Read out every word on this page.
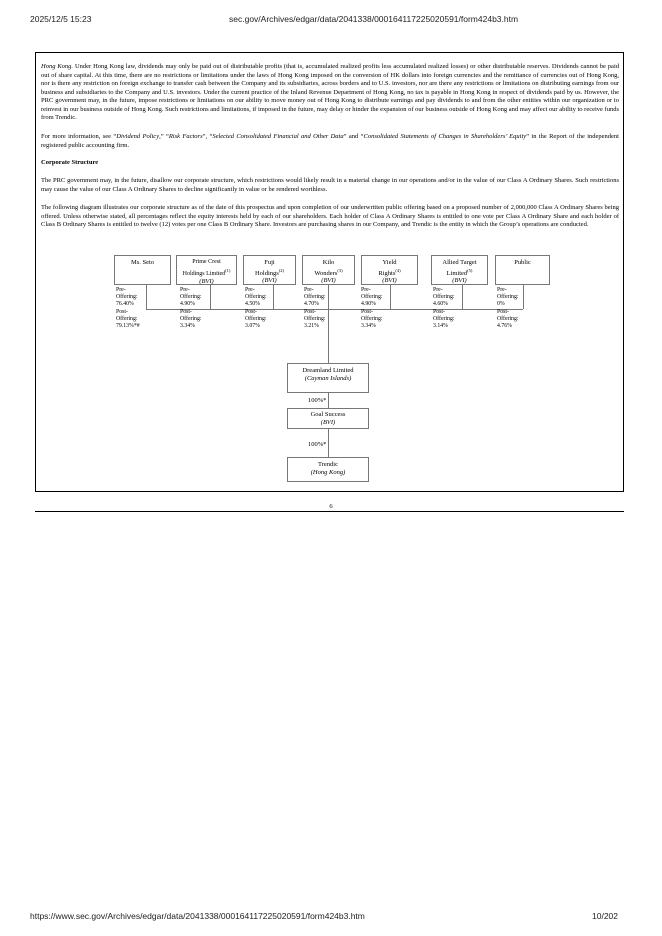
2025/12/5 15:23	sec.gov/Archives/edgar/data/2041338/000164117225020591/form424b3.htm

Hong Kong. Under Hong Kong law, dividends may only be paid out of distributable profits (that is, accumulated realized profits less accumulated realized losses) or other distributable reserves. Dividends cannot be paid out of share capital. At this time, there are no restrictions or limitations under the laws of Hong Kong imposed on the conversion of HK dollars into foreign currencies and the remittance of currencies out of Hong Kong, nor is there any restriction on foreign exchange to transfer cash between the Company and its subsidiaries, across borders and to U.S. investors, nor are there any restrictions or limitations on distributing earnings from our business and subsidiaries to the Company and U.S. investors. Under the current practice of the Inland Revenue Department of Hong Kong, no tax is payable in Hong Kong in respect of dividends paid by us. However, the PRC government may, in the future, impose restrictions or limitations on our ability to move money out of Hong Kong to distribute earnings and pay dividends to and from the other entities within our organization or to reinvest in our business outside of Hong Kong. Such restrictions and limitations, if imposed in the future, may delay or hinder the expansion of our business outside of Hong Kong and may affect our ability to receive funds from Trendic.

For more information, see “Dividend Policy,” “Risk Factors”, “Selected Consolidated Financial and Other Data” and “Consolidated Statements of Changes in Shareholders’ Equity” in the Report of the independent registered public accounting firm.

Corporate Structure

The PRC government may, in the future, disallow our corporate structure, which restrictions would likely result in a material change in our operations and/or in the value of our Class A Ordinary Shares. Such restrictions may cause the value of our Class A Ordinary Shares to decline significantly in value or be rendered worthless.

The following diagram illustrates our corporate structure as of the date of this prospectus and upon completion of our underwritten public offering based on a proposed number of 2,000,000 Class A Ordinary Shares being offered. Unless otherwise stated, all percentages reflect the equity interests held by each of our shareholders. Each holder of Class A Ordinary Shares is entitled to one vote per Class A Ordinary Share and each holder of Class B Ordinary Shares is entitled to twelve (12) votes per one Class B Ordinary Share. Investors are purchasing shares in our Company, and Trendic is the entity in which the Group’s operations are conducted.

Ms. Seto
Pre-
Offering:
76.40%
Post-
Offering:
79.13%*#
Prime Crest
Holdings Limited$^{(1)}$
(BVI)
Pre-
Offering:
4.90%
Post-
Offering:
3.34%
Fuji
Holdings$^{(2)}$
(BVI)
Pre-
Offering:
4.50%
Post-
Offering:
3.07%
Kilo
Wonders$^{(3)}$
(BVI)
Pre-
Offering:
4.70%
Post-
Offering:
3.21%
Yield
Rights$^{(4)}$
(BVI)
Pre-
Offering:
4.90%
Post-
Offering:
3.34%
Allied Target
Limited$^{(5)}$
(BVI)
Pre-
Offering:
4.60%
Post-
Offering:
3.14%
Public
Pre-
Offering:
0%
Post-
Offering:
4.76%
Dreamland Limited
(Cayman Islands)
100%*
Goal Success
(BVI)
100%*
Trendic
(Hong Kong)
6
https://www.sec.gov/Archives/edgar/data/2041338/000164117225020591/form424b3.htm	10/202
